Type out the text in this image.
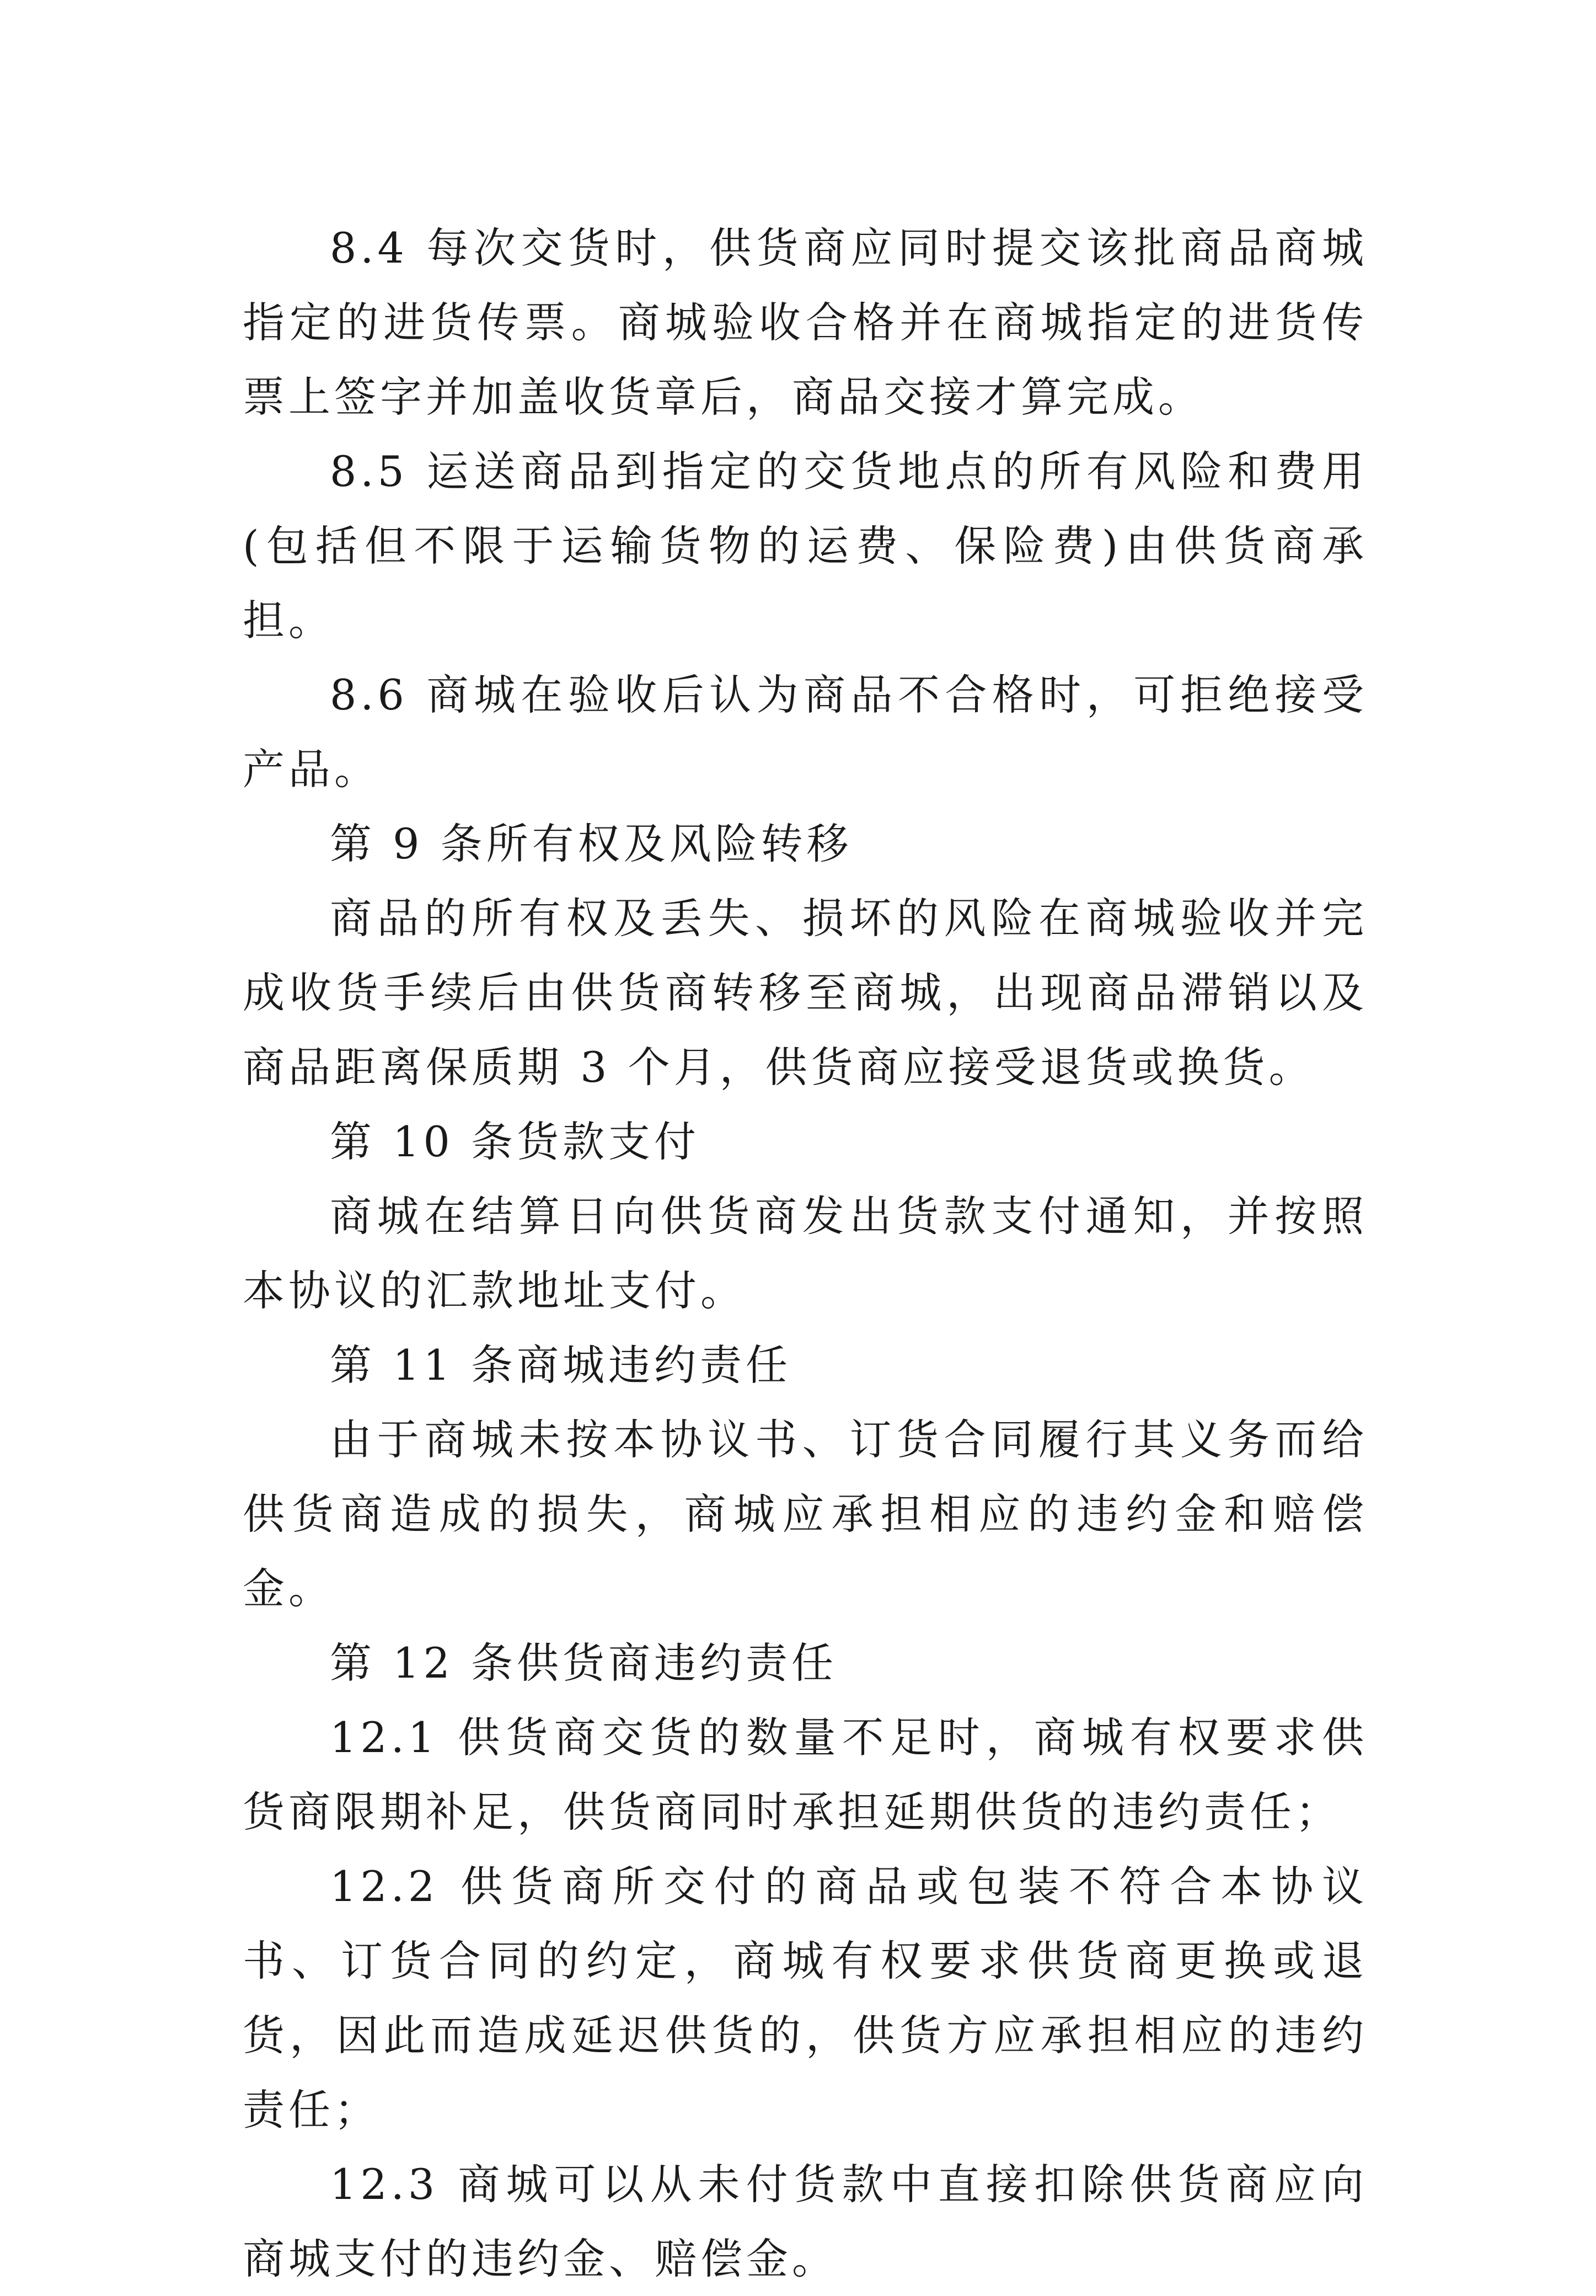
8.4 每次交货时，供货商应同时提交该批商品商城指定的进货传票。商城验收合格并在商城指定的进货传票上签字并加盖收货章后，商品交接才算完成。

8.5 运送商品到指定的交货地点的所有风险和费用(包括但不限于运输货物的运费、保险费)由供货商承担。

8.6 商城在验收后认为商品不合格时，可拒绝接受产品。

第 9 条所有权及风险转移

商品的所有权及丢失、损坏的风险在商城验收并完成收货手续后由供货商转移至商城，出现商品滞销以及商品距离保质期 3 个月，供货商应接受退货或换货。

第 10 条货款支付

商城在结算日向供货商发出货款支付通知，并按照本协议的汇款地址支付。

第 11 条商城违约责任

由于商城未按本协议书、订货合同履行其义务而给供货商造成的损失，商城应承担相应的违约金和赔偿金。

第 12 条供货商违约责任

12.1 供货商交货的数量不足时，商城有权要求供货商限期补足，供货商同时承担延期供货的违约责任；

12.2 供货商所交付的商品或包装不符合本协议书、订货合同的约定，商城有权要求供货商更换或退货，因此而造成延迟供货的，供货方应承担相应的违约责任；

12.3 商城可以从未付货款中直接扣除供货商应向商城支付的违约金、赔偿金。
